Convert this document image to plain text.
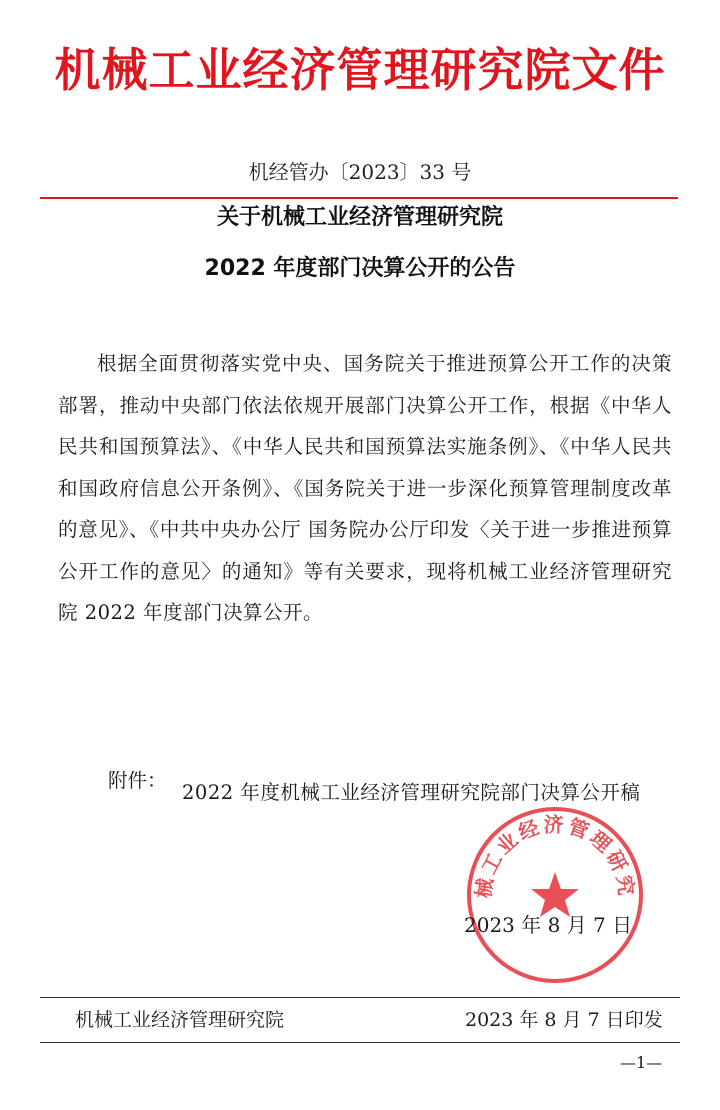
机械工业经济管理研究院文件
机经管办〔2023〕33 号
关于机械工业经济管理研究院
2022 年度部门决算公开的公告
根据全面贯彻落实党中央、国务院关于推进预算公开工作的决策部署，推动中央部门依法依规开展部门决算公开工作，根据《中华人民共和国预算法》、《中华人民共和国预算法实施条例》、《中华人民共和国政府信息公开条例》、《国务院关于进一步深化预算管理制度改革的意见》、《中共中央办公厅 国务院办公厅印发〈关于进一步推进预算公开工作的意见〉的通知》等有关要求，现将机械工业经济管理研究院 2022 年度部门决算公开。
附件：
2022 年度机械工业经济管理研究院部门决算公开稿
械工业经济管理研究
2023 年 8 月 7 日
机械工业经济管理研究院	2023 年 8 月 7 日印发
—1—
